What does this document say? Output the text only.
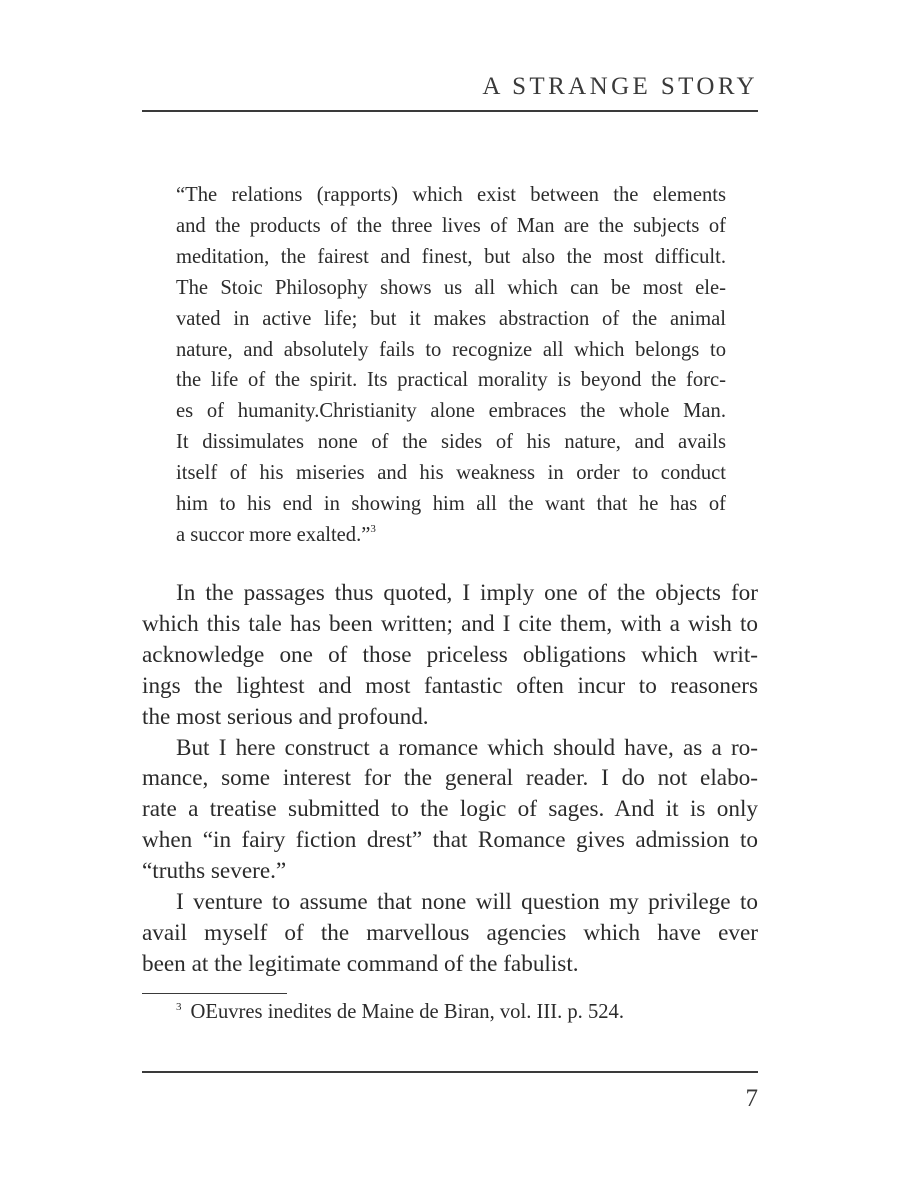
A STRANGE STORY

“The relations (rapports) which exist between the elements
and the products of the three lives of Man are the subjects of
meditation, the fairest and finest, but also the most difficult.
The Stoic Philosophy shows us all which can be most ele-
vated in active life; but it makes abstraction of the animal
nature, and absolutely fails to recognize all which belongs to
the life of the spirit. Its practical morality is beyond the forc-
es of humanity.Christianity alone embraces the whole Man.
It dissimulates none of the sides of his nature, and avails
itself of his miseries and his weakness in order to conduct
him to his end in showing him all the want that he has of
a succor more exalted.”$^3$

In the passages thus quoted, I imply one of the objects for
which this tale has been written; and I cite them, with a wish to
acknowledge one of those priceless obligations which writ-
ings the lightest and most fantastic often incur to reasoners
the most serious and profound.

But I here construct a romance which should have, as a ro-
mance, some interest for the general reader. I do not elabo-
rate a treatise submitted to the logic of sages. And it is only
when “in fairy fiction drest” that Romance gives admission to
“truths severe.”

I venture to assume that none will question my privilege to
avail myself of the marvellous agencies which have ever
been at the legitimate command of the fabulist.

$^3$ OEuvres inedites de Maine de Biran, vol. III. p. 524.
7
